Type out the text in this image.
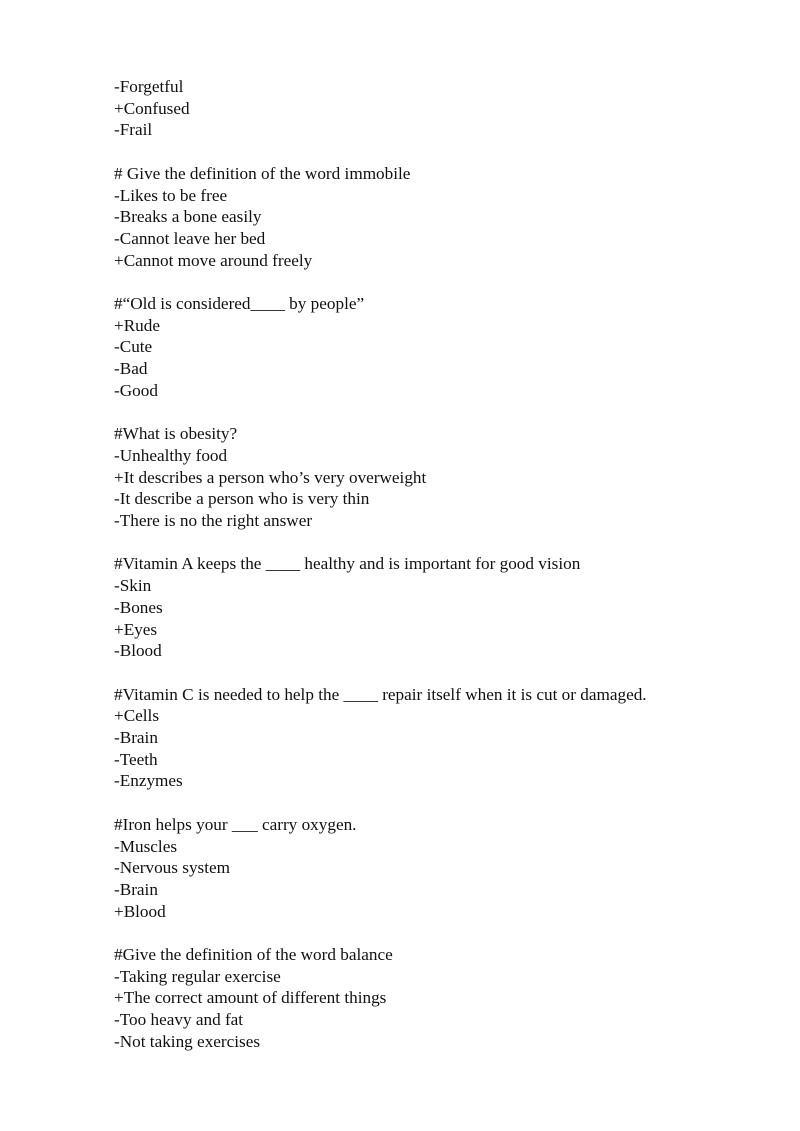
-Forgetful
+Confused
-Frail
# Give the definition of the word immobile
-Likes to be free
-Breaks a bone easily
-Cannot leave her bed
+Cannot move around freely
#“Old is considered____ by people”
+Rude
-Cute
-Bad
-Good
#What is obesity?
-Unhealthy food
+It describes a person who’s very overweight
-It describe a person who is very thin
-There is no the right answer
#Vitamin A keeps the ____ healthy and is important for good vision
-Skin
-Bones
+Eyes
-Blood
#Vitamin C is needed to help the ____ repair itself when it is cut or damaged.
+Cells
-Brain
-Teeth
-Enzymes
#Iron helps your ___ carry oxygen.
-Muscles
-Nervous system
-Brain
+Blood
#Give the definition of the word balance
-Taking regular exercise
+The correct amount of different things
-Too heavy and fat
-Not taking exercises
